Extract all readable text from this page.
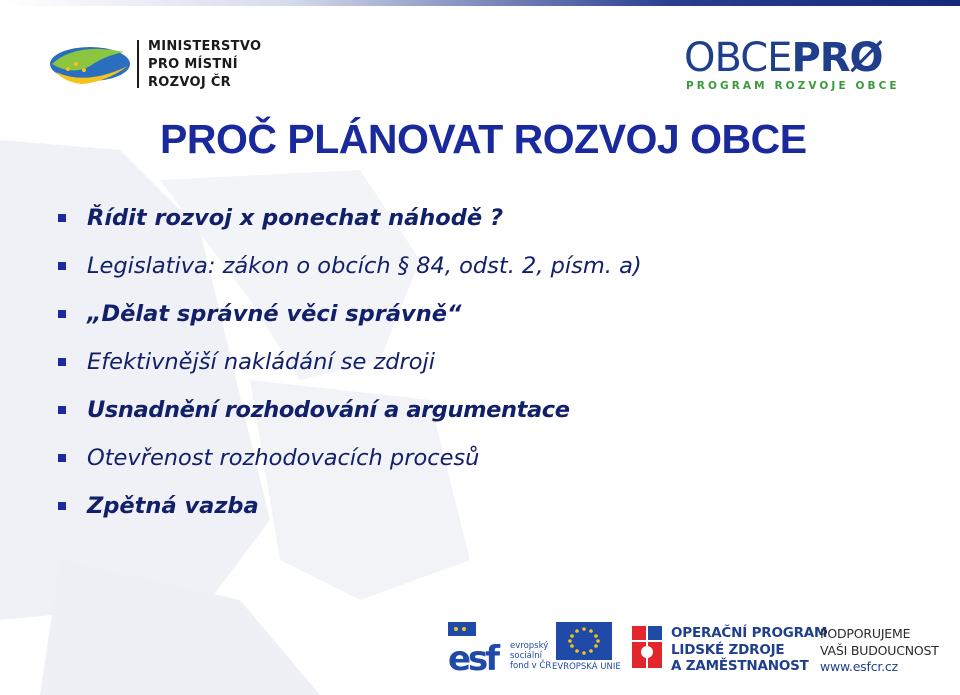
MINISTERSTVO
PRO MÍSTNÍ
ROZVOJ ČR
OBCEPRØ
PROGRAM ROZVOJE OBCE
PROČ PLÁNOVAT ROZVOJ OBCE
Řídit rozvoj x ponechat náhodě ?
Legislativa: zákon o obcích § 84, odst. 2, písm. a)
„Dělat správné věci správně“
Efektivnější nakládání se zdroji
Usnadnění rozhodování a argumentace
Otevřenost rozhodovacích procesů
Zpětná vazba
esf	evropský
sociální
fond v ČR EVROPSKÁ UNIE
OPERAČNÍ PROGRAM
LIDSKÉ ZDROJE
A ZAMĚSTNANOST
PODPORUJEME
VAŠI BUDOUCNOST
www.esfcr.cz
